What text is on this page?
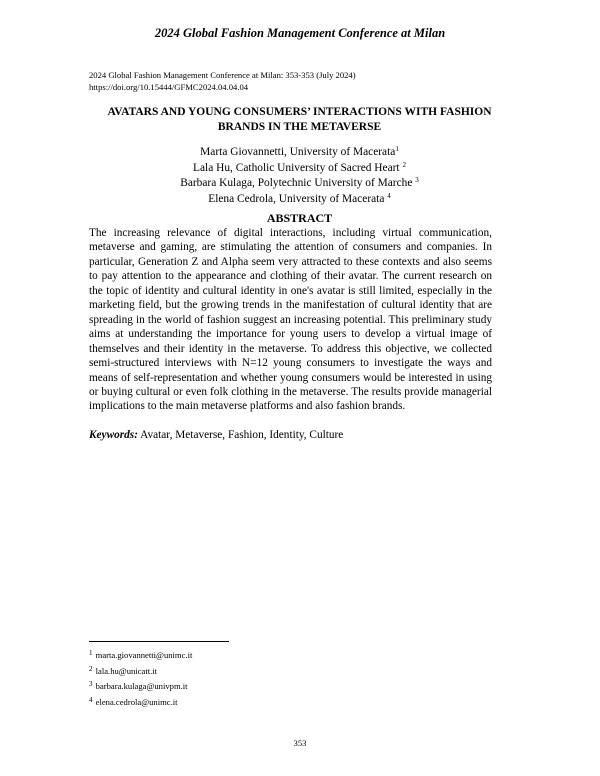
2024 Global Fashion Management Conference at Milan
2024 Global Fashion Management Conference at Milan: 353-353 (July 2024)
https://doi.org/10.15444/GFMC2024.04.04.04
AVATARS AND YOUNG CONSUMERS’ INTERACTIONS WITH FASHION
BRANDS IN THE METAVERSE
Marta Giovannetti, University of Macerata$^1$
Lala Hu, Catholic University of Sacred Heart $^2$
Barbara Kulaga, Polytechnic University of Marche $^3$
Elena Cedrola, University of Macerata $^4$
ABSTRACT
The increasing relevance of digital interactions, including virtual communication, metaverse and gaming, are stimulating the attention of consumers and companies. In particular, Generation Z and Alpha seem very attracted to these contexts and also seems to pay attention to the appearance and clothing of their avatar. The current research on the topic of identity and cultural identity in one's avatar is still limited, especially in the marketing field, but the growing trends in the manifestation of cultural identity that are spreading in the world of fashion suggest an increasing potential. This preliminary study aims at understanding the importance for young users to develop a virtual image of themselves and their identity in the metaverse. To address this objective, we collected semi-structured interviews with N=12 young consumers to investigate the ways and means of self-representation and whether young consumers would be interested in using or buying cultural or even folk clothing in the metaverse. The results provide managerial implications to the main metaverse platforms and also fashion brands.
Keywords: Avatar, Metaverse, Fashion, Identity, Culture
$^1$ marta.giovannetti@unimc.it
$^2$ lala.hu@unicatt.it
$^3$ barbara.kulaga@univpm.it
$^4$ elena.cedrola@unimc.it
353
